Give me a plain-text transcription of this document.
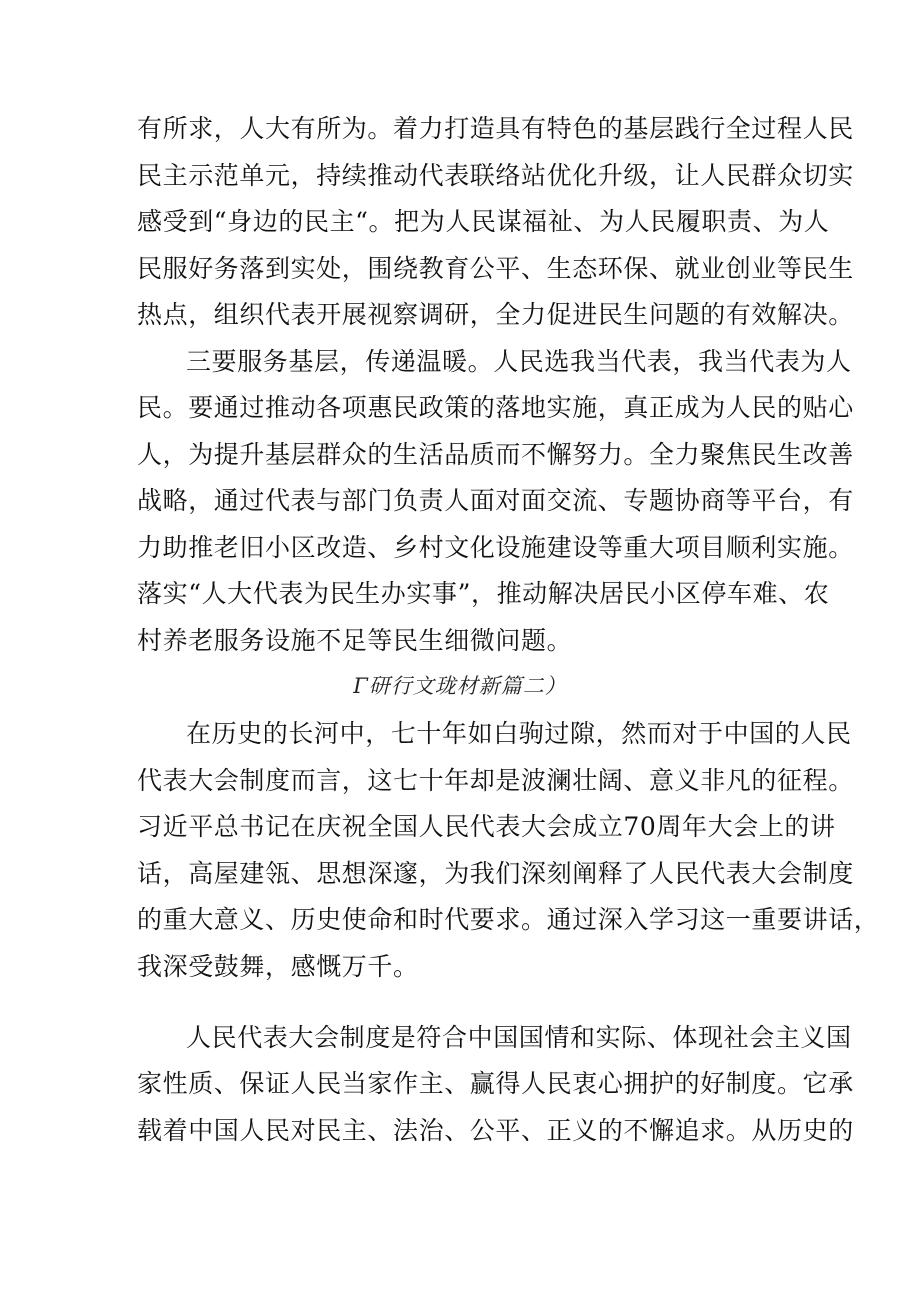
有所求，人大有所为。着力打造具有特色的基层践行全过程人民
民主示范单元，持续推动代表联络站优化升级，让人民群众切实
感受到“身边的民主“。把为人民谋福祉、为人民履职责、为人
民服好务落到实处，围绕教育公平、生态环保、就业创业等民生
热点，组织代表开展视察调研，全力促进民生问题的有效解决。
三要服务基层，传递温暖。人民选我当代表，我当代表为人
民。要通过推动各项惠民政策的落地实施，真正成为人民的贴心
人，为提升基层群众的生活品质而不懈努力。全力聚焦民生改善
战略，通过代表与部门负责人面对面交流、专题协商等平台，有
力助推老旧小区改造、乡村文化设施建设等重大项目顺利实施。
落实“人大代表为民生办实事”，推动解决居民小区停车难、农
村养老服务设施不足等民生细微问题。
Γ研行文珑材新篇二）
在历史的长河中，七十年如白驹过隙，然而对于中国的人民
代表大会制度而言，这七十年却是波澜壮阔、意义非凡的征程。
习近平总书记在庆祝全国人民代表大会成立70周年大会上的讲
话，高屋建瓴、思想深邃，为我们深刻阐释了人民代表大会制度
的重大意义、历史使命和时代要求。通过深入学习这一重要讲话，
我深受鼓舞，感慨万千。
人民代表大会制度是符合中国国情和实际、体现社会主义国
家性质、保证人民当家作主、赢得人民衷心拥护的好制度。它承
载着中国人民对民主、法治、公平、正义的不懈追求。从历史的
